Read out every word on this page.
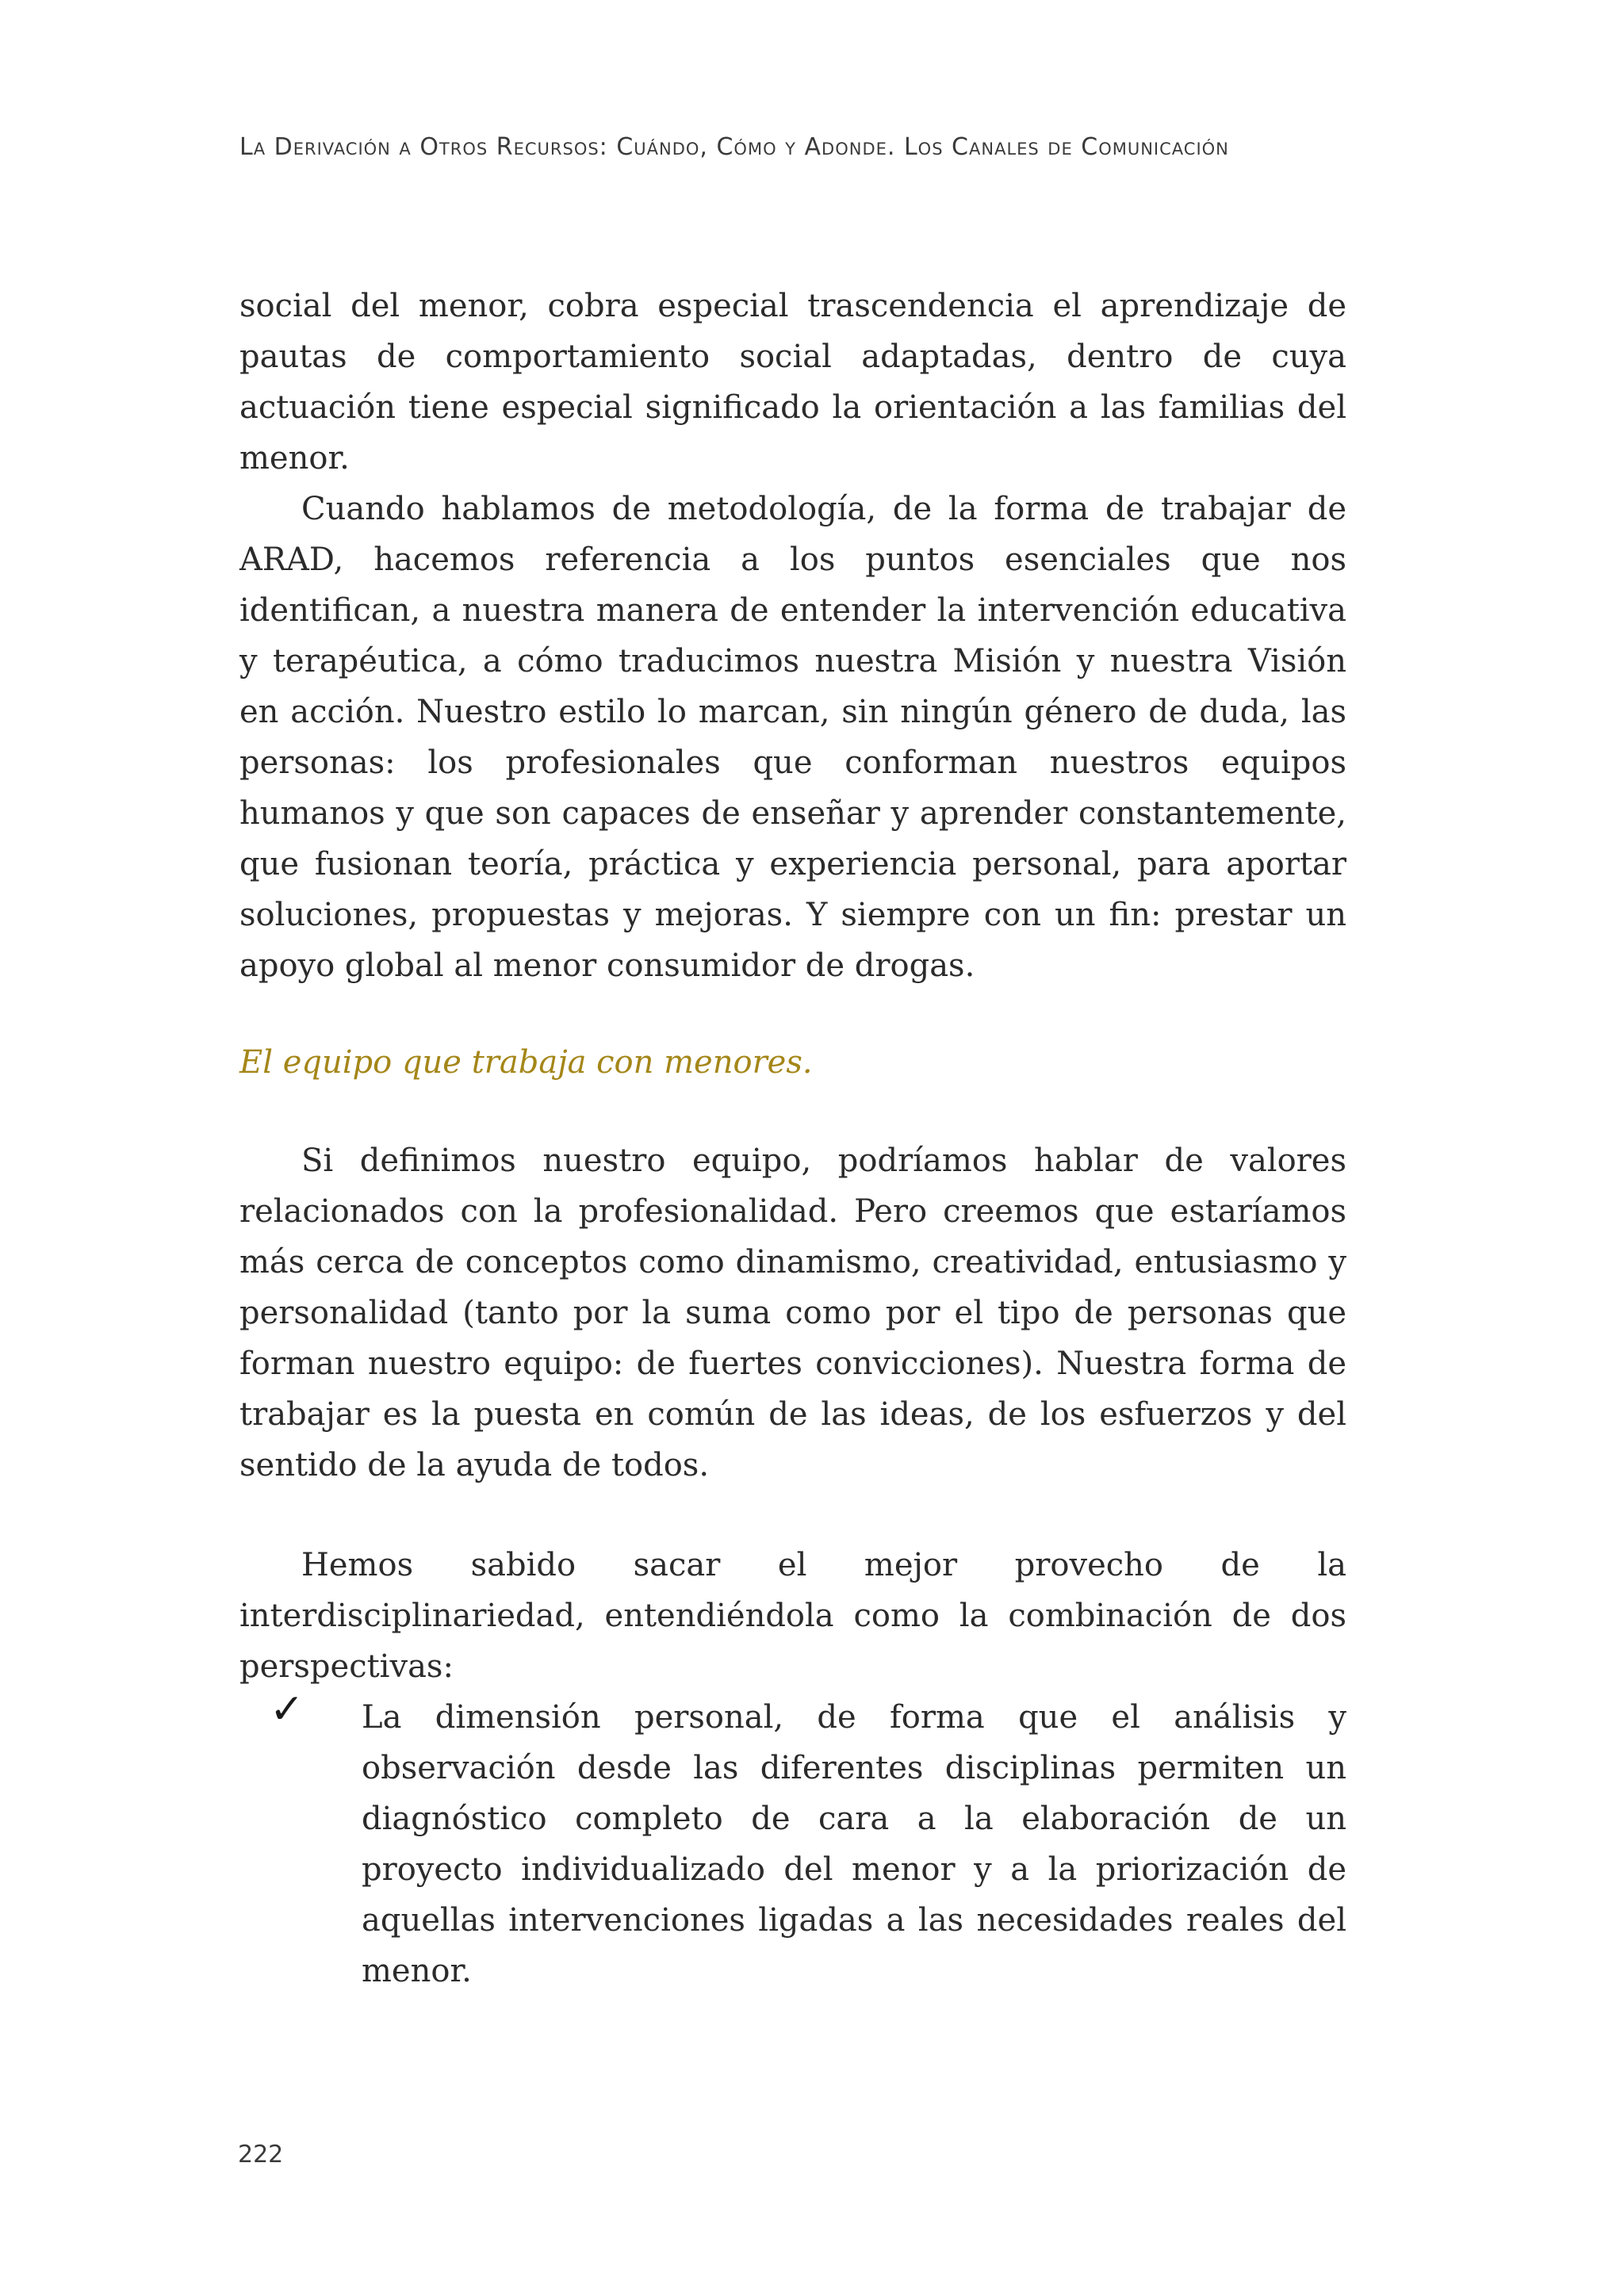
La Derivación a Otros Recursos: Cuándo, Cómo y Adonde. Los Canales de Comunicación

social del menor, cobra especial trascendencia el aprendizaje de pautas de comportamiento social adaptadas, dentro de cuya actuación tiene especial significado la orientación a las familias del menor.

Cuando hablamos de metodología, de la forma de trabajar de ARAD, hacemos referencia a los puntos esenciales que nos identifican, a nuestra manera de entender la intervención educativa y terapéutica, a cómo traducimos nuestra Misión y nuestra Visión en acción. Nuestro estilo lo marcan, sin ningún género de duda, las personas: los profesionales que conforman nuestros equipos humanos y que son capaces de enseñar y aprender constantemente, que fusionan teoría, práctica y experiencia personal, para aportar soluciones, propuestas y mejoras. Y siempre con un fin: prestar un apoyo global al menor consumidor de drogas.

El equipo que trabaja con menores.

Si definimos nuestro equipo, podríamos hablar de valores relacionados con la profesionalidad. Pero creemos que estaríamos más cerca de conceptos como dinamismo, creatividad, entusiasmo y personalidad (tanto por la suma como por el tipo de personas que forman nuestro equipo: de fuertes convicciones). Nuestra forma de trabajar es la puesta en común de las ideas, de los esfuerzos y del sentido de la ayuda de todos.

Hemos sabido sacar el mejor provecho de la interdisciplinariedad, entendiéndola como la combinación de dos perspectivas:

✓ La dimensión personal, de forma que el análisis y observación desde las diferentes disciplinas permiten un diagnóstico completo de cara a la elaboración de un proyecto individualizado del menor y a la priorización de aquellas intervenciones ligadas a las necesidades reales del menor.

222
